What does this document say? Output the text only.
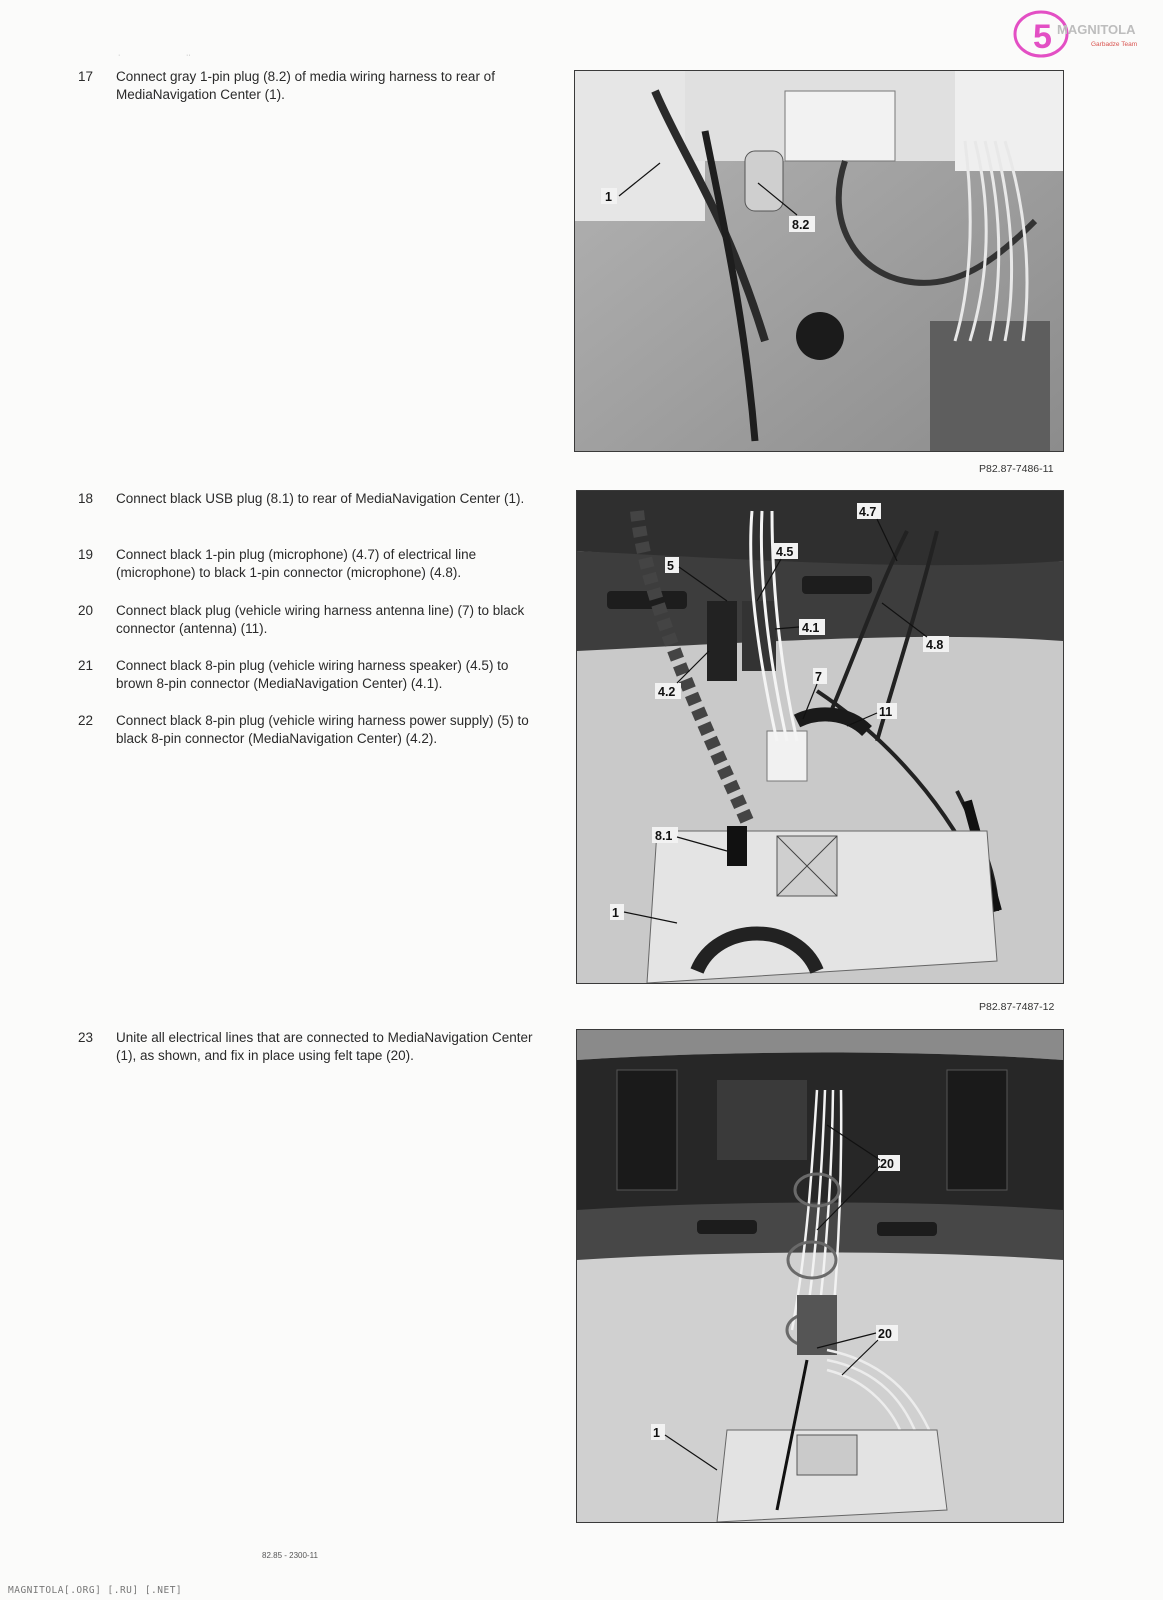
5 MAGNITOLA
Garbadze Team
·	··
17	Connect gray 1-pin plug (8.2) of media wiring harness to rear of MediaNavigation Center (1).
18	Connect black USB plug (8.1) to rear of MediaNavigation Center (1).
19	Connect black 1-pin plug (microphone) (4.7) of electrical line (microphone) to black 1-pin connector (microphone) (4.8).
20	Connect black plug (vehicle wiring harness antenna line) (7) to black connector (antenna) (11).
21	Connect black 8-pin plug (vehicle wiring harness speaker) (4.5) to brown 8-pin connector (MediaNavigation Center) (4.1).
22	Connect black 8-pin plug (vehicle wiring harness power supply) (5) to black 8-pin connector (MediaNavigation Center) (4.2).
23	Unite all electrical lines that are connected to MediaNavigation Center (1), as shown, and fix in place using felt tape (20).
1
8.2
P82.87-7486-11
4.7
4.5
5
4.1
4.8
4.2
7
11
8.1
1
P82.87-7487-12
20
20
1
82.85 - 2300-11
MAGNITOLA[.ORG] [.RU] [.NET]
